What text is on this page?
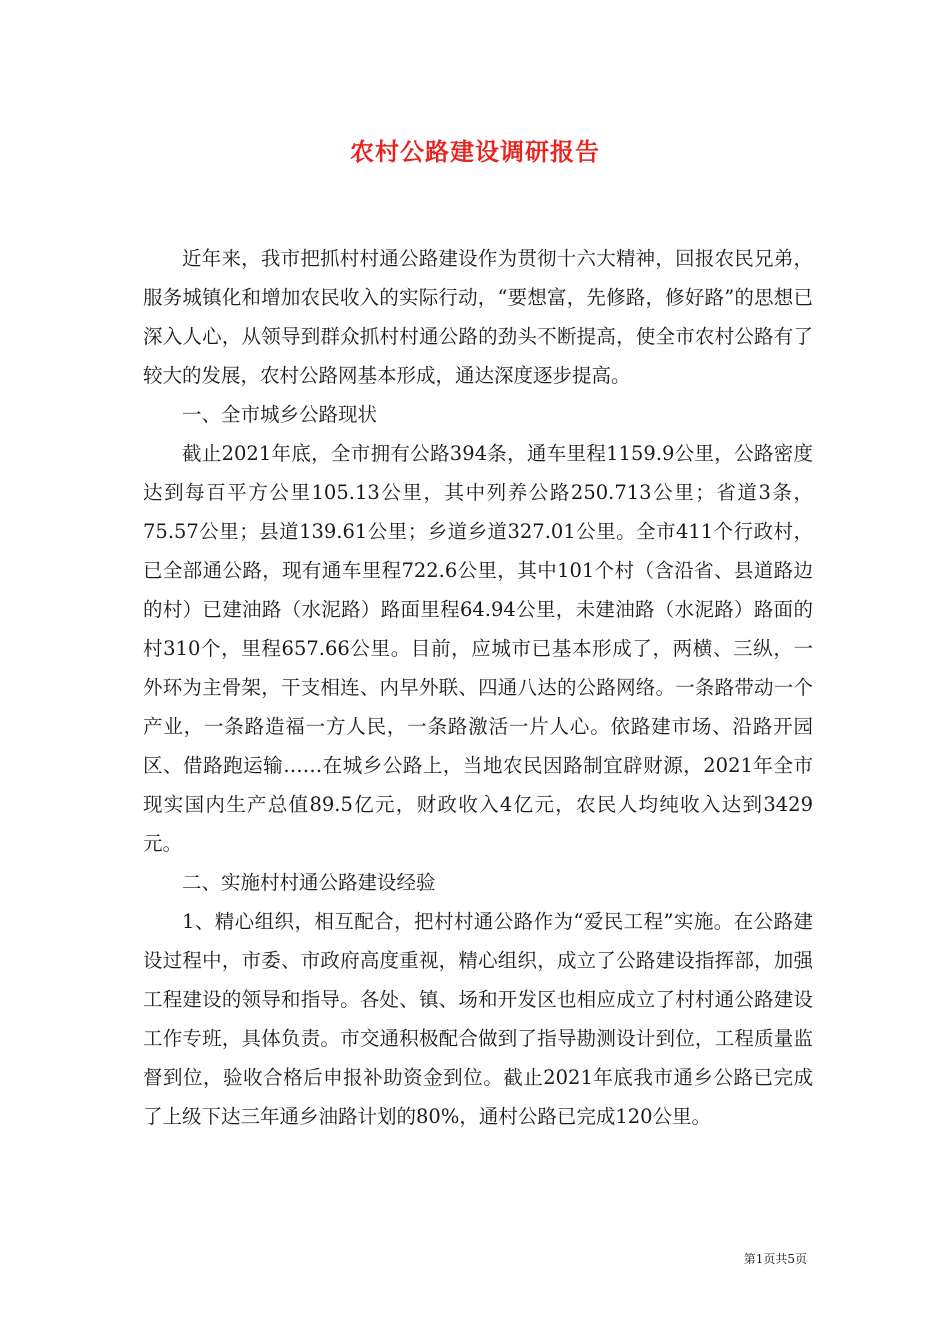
农村公路建设调研报告

近年来，我市把抓村村通公路建设作为贯彻十六大精神，回报农民兄弟，服务城镇化和增加农民收入的实际行动，“要想富，先修路，修好路”的思想已深入人心，从领导到群众抓村村通公路的劲头不断提高，使全市农村公路有了较大的发展，农村公路网基本形成，通达深度逐步提高。

一、全市城乡公路现状

截止2021年底，全市拥有公路394条，通车里程1159.9公里，公路密度达到每百平方公里105.13公里，其中列养公路250.713公里；省道3条，75.57公里；县道139.61公里；乡道乡道327.01公里。全市411个行政村，已全部通公路，现有通车里程722.6公里，其中101个村（含沿省、县道路边的村）已建油路（水泥路）路面里程64.94公里，未建油路（水泥路）路面的村310个，里程657.66公里。目前，应城市已基本形成了，两横、三纵，一外环为主骨架，干支相连、内早外联、四通八达的公路网络。一条路带动一个产业，一条路造福一方人民，一条路激活一片人心。依路建市场、沿路开园区、借路跑运输……在城乡公路上，当地农民因路制宜辟财源，2021年全市现实国内生产总值89.5亿元，财政收入4亿元，农民人均纯收入达到3429元。

二、实施村村通公路建设经验

1、精心组织，相互配合，把村村通公路作为“爱民工程”实施。在公路建设过程中，市委、市政府高度重视，精心组织，成立了公路建设指挥部，加强工程建设的领导和指导。各处、镇、场和开发区也相应成立了村村通公路建设工作专班，具体负责。市交通积极配合做到了指导勘测设计到位，工程质量监督到位，验收合格后申报补助资金到位。截止2021年底我市通乡公路已完成了上级下达三年通乡油路计划的80%，通村公路已完成120公里。

第1页共5页
